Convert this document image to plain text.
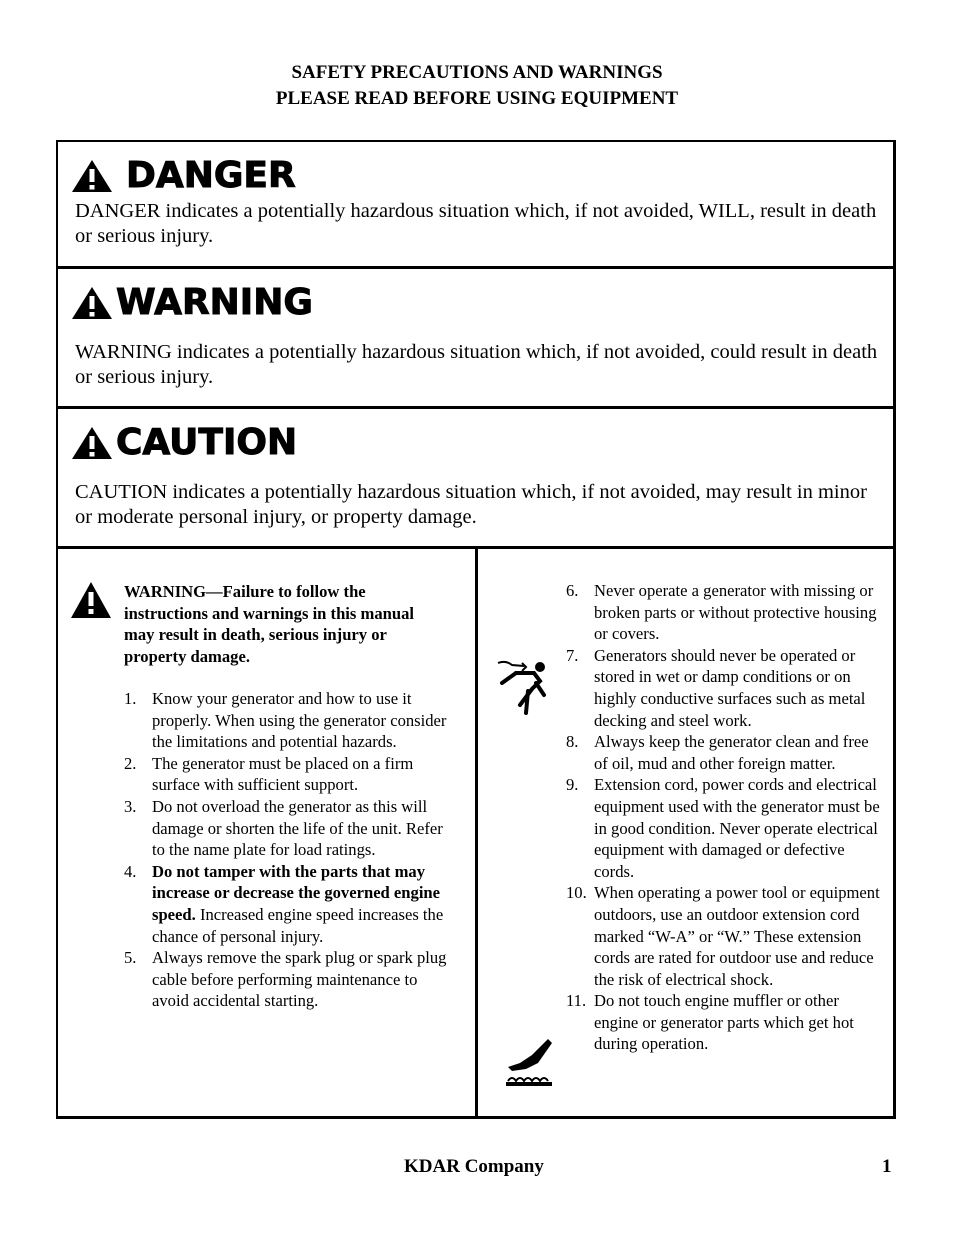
SAFETY PRECAUTIONS AND WARNINGS
PLEASE READ BEFORE USING EQUIPMENT
DANGER
DANGER indicates a potentially hazardous situation which, if not avoided, WILL, result in death or serious injury.
WARNING
WARNING indicates a potentially hazardous situation which, if not avoided, could result in death or serious injury.
CAUTION
CAUTION indicates a potentially hazardous situation which, if not avoided, may result in minor or moderate personal injury, or property damage.
WARNING—Failure to follow the instructions and warnings in this manual may result in death, serious injury or property damage.
1. Know your generator and how to use it properly. When using the generator consider the limitations and potential hazards.
2. The generator must be placed on a firm surface with sufficient support.
3. Do not overload the generator as this will damage or shorten the life of the unit. Refer to the name plate for load ratings.
4. Do not tamper with the parts that may increase or decrease the governed engine speed. Increased engine speed increases the chance of personal injury.
5. Always remove the spark plug or spark plug cable before performing maintenance to avoid accidental starting.
6. Never operate a generator with missing or broken parts or without protective housing or covers.
7. Generators should never be operated or stored in wet or damp conditions or on highly conductive surfaces such as metal decking and steel work.
8. Always keep the generator clean and free of oil, mud and other foreign matter.
9. Extension cord, power cords and electrical equipment used with the generator must be in good condition. Never operate electrical equipment with damaged or defective cords.
10. When operating a power tool or equipment outdoors, use an outdoor extension cord marked “W-A” or “W.” These extension cords are rated for outdoor use and reduce the risk of electrical shock.
11. Do not touch engine muffler or other engine or generator parts which get hot during operation.
KDAR Company	1
